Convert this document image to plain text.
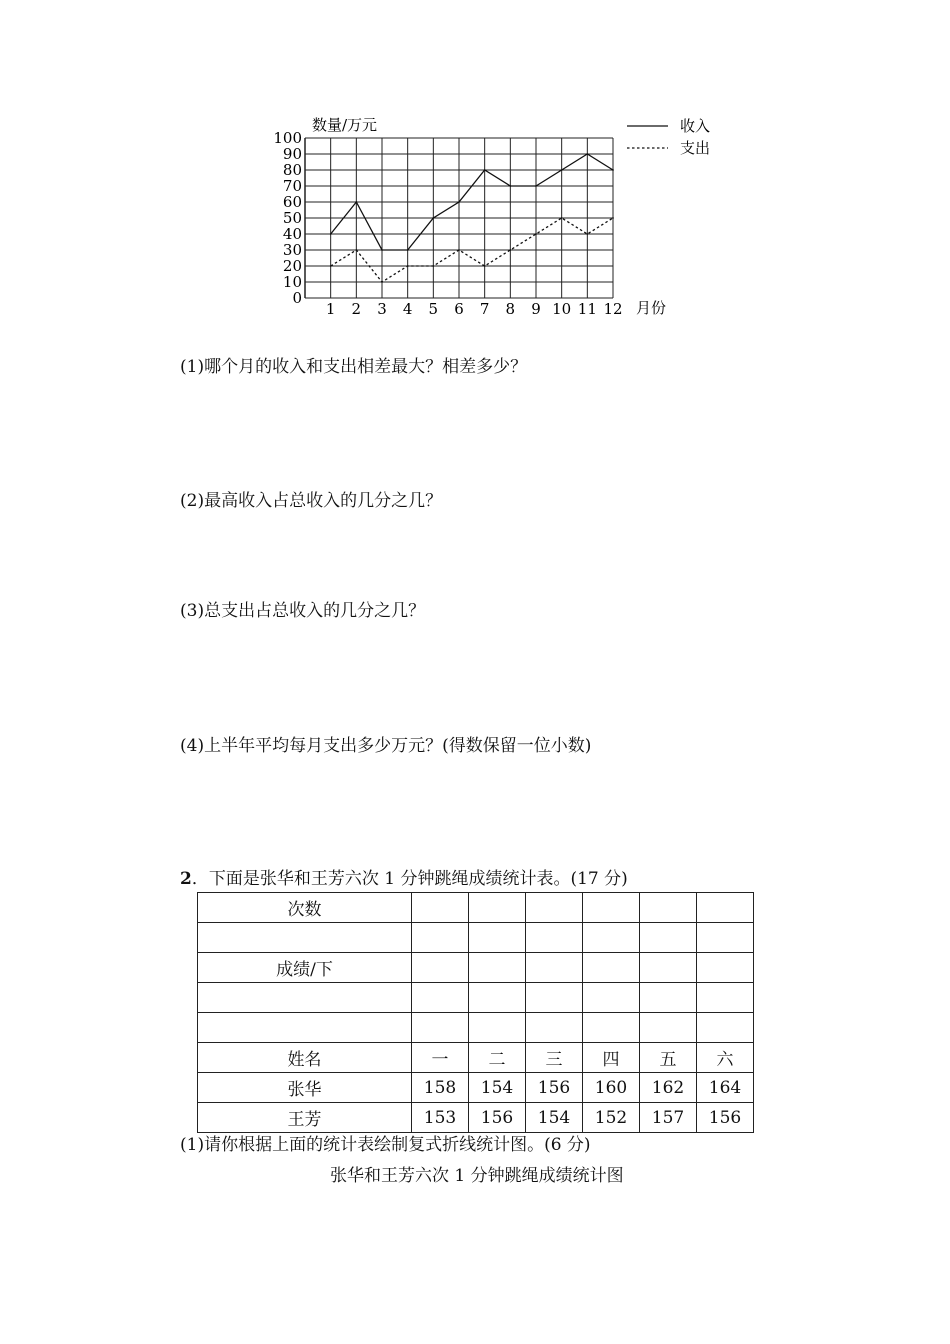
0
10
20
30
40
50
60
70
80
90
100
1 2 3 4 5 6 7 8 9 10 11 12
数量/万元
月份
收入
支出
(1)哪个月的收入和支出相差最大？相差多少？
(2)最高收入占总收入的几分之几？
(3)总支出占总收入的几分之几？
(4)上半年平均每月支出多少万元？(得数保留一位小数)
2．下面是张华和王芳六次 1 分钟跳绳成绩统计表。(17 分)
次数						

成绩/下						

姓名	一	二	三	四	五	六
张华	158	154	156	160	162	164
王芳	153	156	154	152	157	156
(1)请你根据上面的统计表绘制复式折线统计图。(6 分)
张华和王芳六次 1 分钟跳绳成绩统计图
